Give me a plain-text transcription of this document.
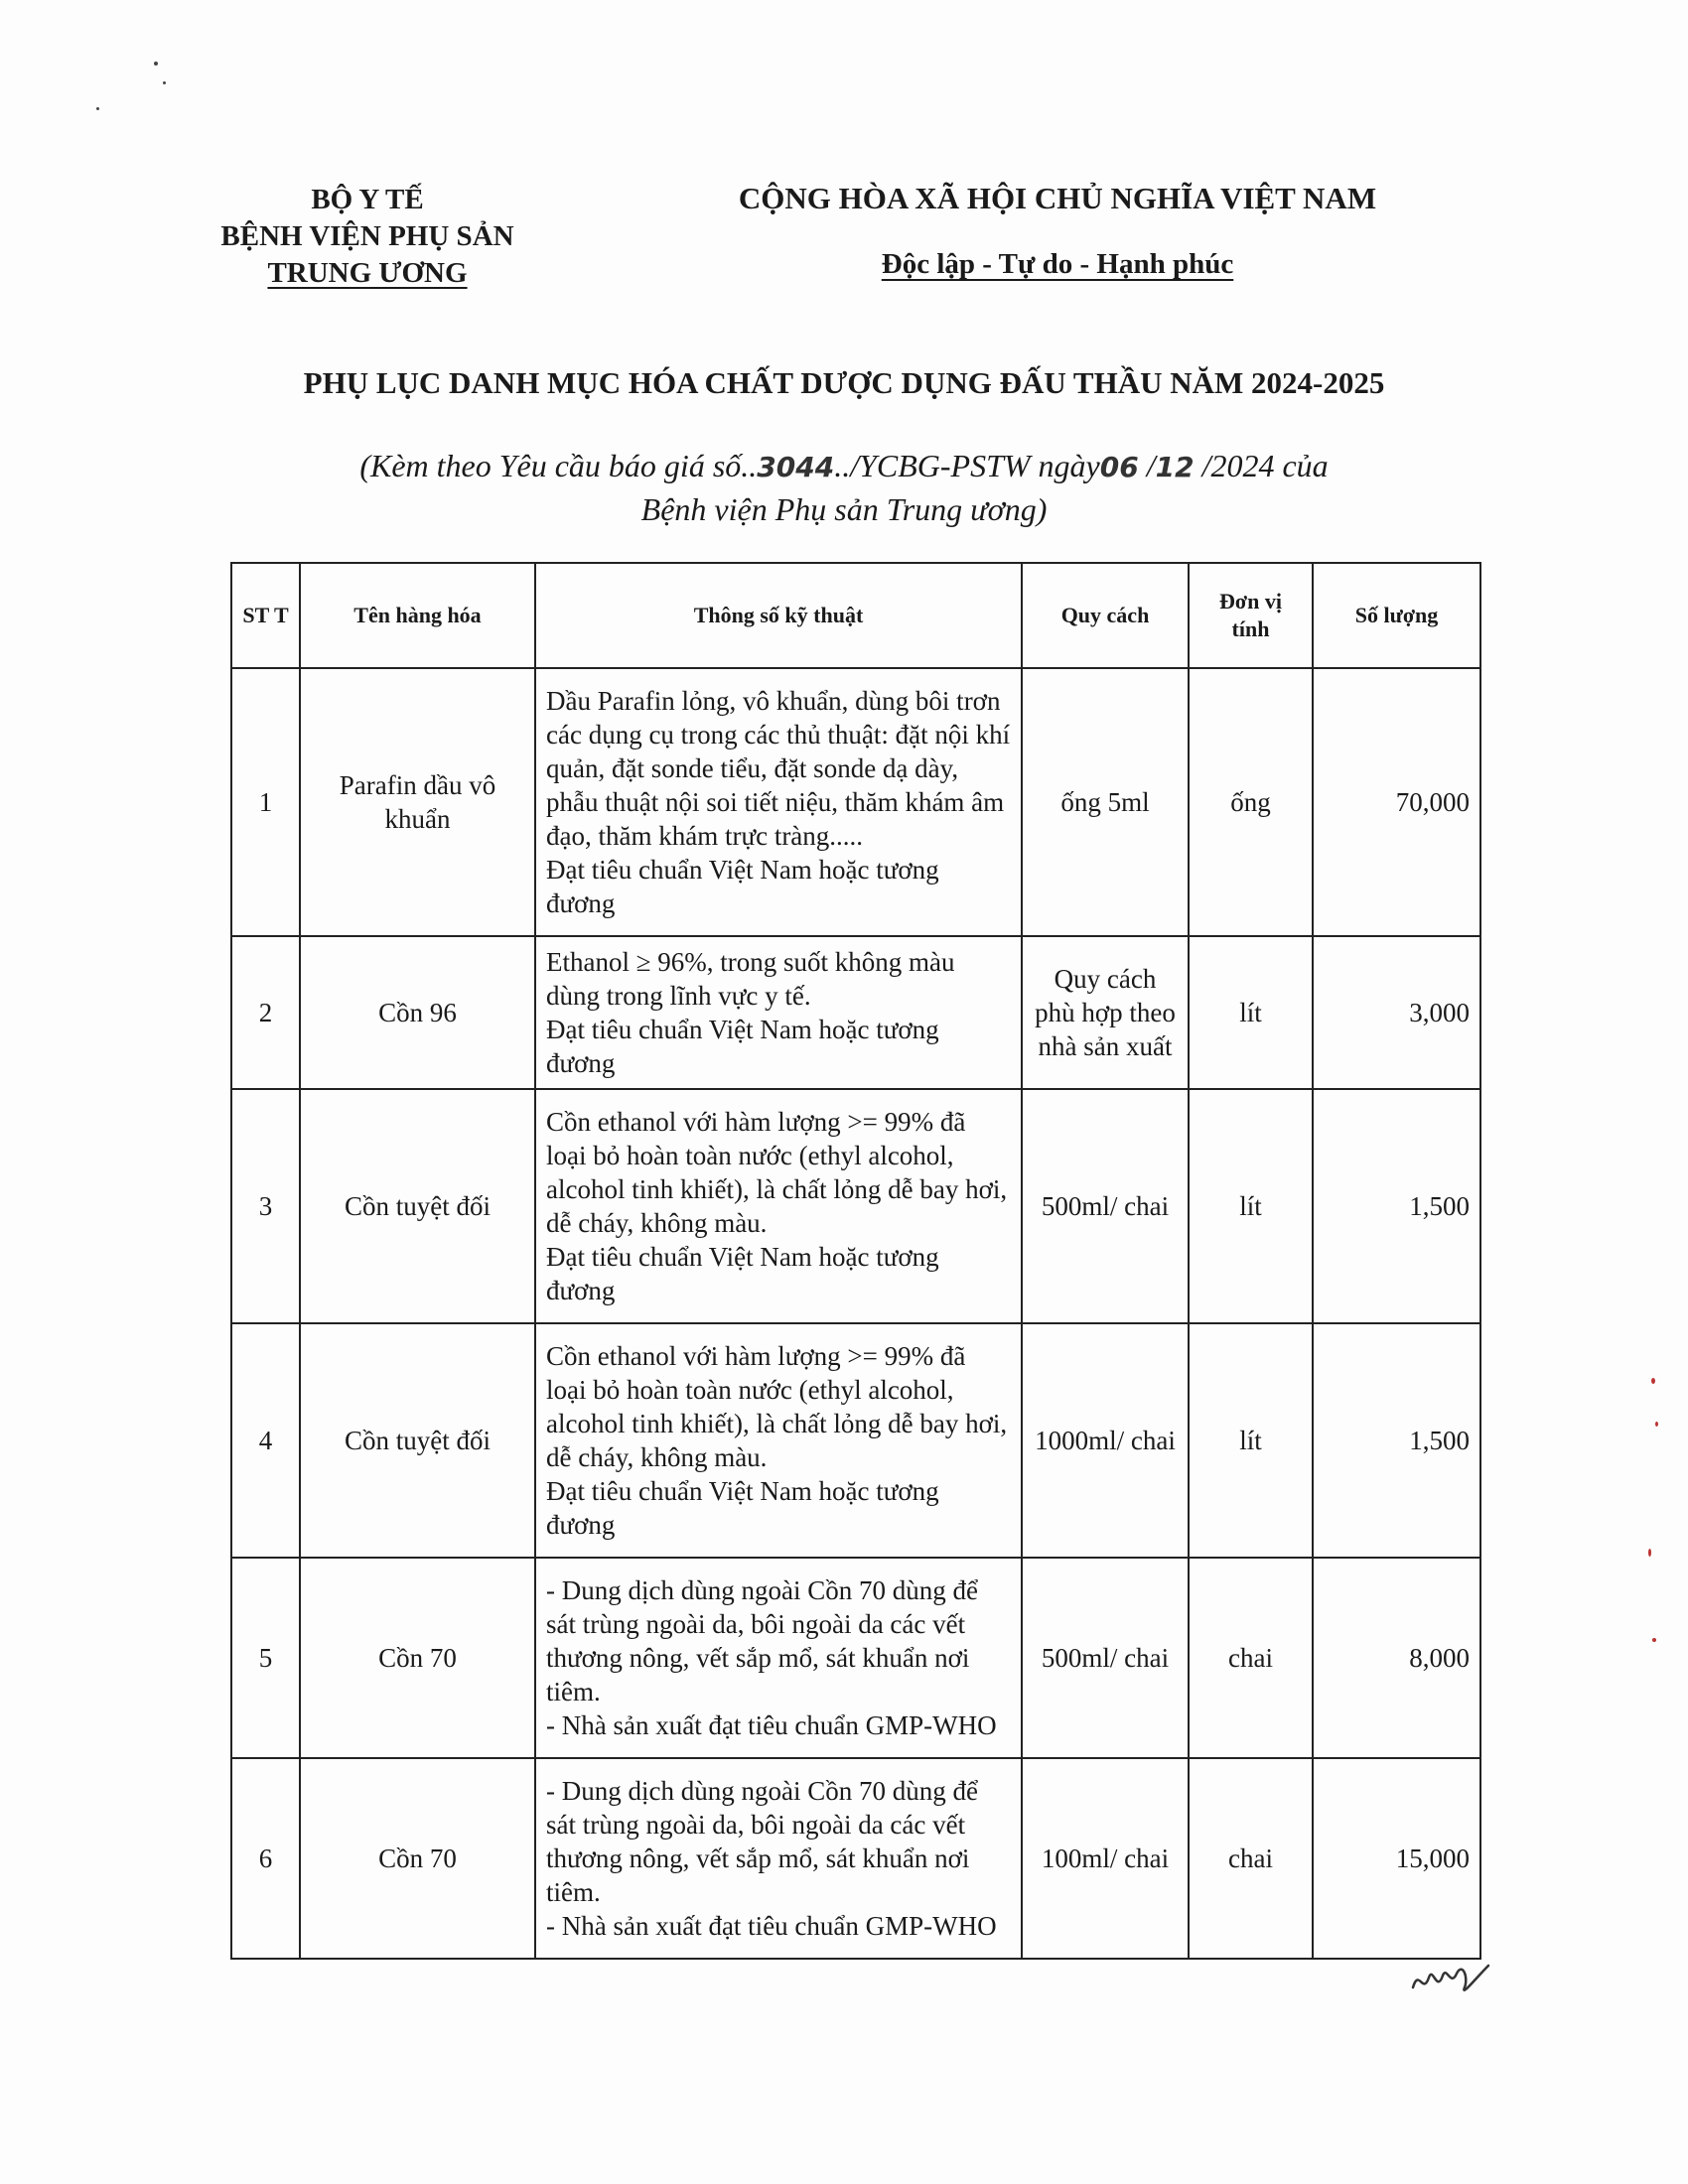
BỘ Y TẾ
BỆNH VIỆN PHỤ SẢN
TRUNG ƯƠNG
CỘNG HÒA XÃ HỘI CHỦ NGHĨA VIỆT NAM
Độc lập - Tự do - Hạnh phúc
PHỤ LỤC DANH MỤC HÓA CHẤT DƯỢC DỤNG ĐẤU THẦU NĂM 2024-2025
(Kèm theo Yêu cầu báo giá số..3044../YCBG-PSTW ngày06 /12 /2024 của
Bệnh viện Phụ sản Trung ương)
ST T	Tên hàng hóa	Thông số kỹ thuật	Quy cách	Đơn vị tính	Số lượng
1	Parafin dầu vô khuẩn	Dầu Parafin lỏng, vô khuẩn, dùng bôi trơn các dụng cụ trong các thủ thuật: đặt nội khí quản, đặt sonde tiểu, đặt sonde dạ dày, phẫu thuật nội soi tiết niệu, thăm khám âm đạo, thăm khám trực tràng.....
Đạt tiêu chuẩn Việt Nam hoặc tương đương	ống 5ml	ống	70,000
2	Cồn 96	Ethanol ≥ 96%, trong suốt không màu dùng trong lĩnh vực y tế.
Đạt tiêu chuẩn Việt Nam hoặc tương đương	Quy cách phù hợp theo nhà sản xuất	lít	3,000
3	Cồn tuyệt đối	Cồn ethanol với hàm lượng >= 99% đã loại bỏ hoàn toàn nước (ethyl alcohol, alcohol tinh khiết), là chất lỏng dễ bay hơi, dễ cháy, không màu.
Đạt tiêu chuẩn Việt Nam hoặc tương đương	500ml/ chai	lít	1,500
4	Cồn tuyệt đối	Cồn ethanol với hàm lượng >= 99% đã loại bỏ hoàn toàn nước (ethyl alcohol, alcohol tinh khiết), là chất lỏng dễ bay hơi, dễ cháy, không màu.
Đạt tiêu chuẩn Việt Nam hoặc tương đương	1000ml/ chai	lít	1,500
5	Cồn 70	- Dung dịch dùng ngoài Cồn 70 dùng để sát trùng ngoài da, bôi ngoài da các vết thương nông, vết sắp mổ, sát khuẩn nơi tiêm.
- Nhà sản xuất đạt tiêu chuẩn GMP-WHO	500ml/ chai	chai	8,000
6	Cồn 70	- Dung dịch dùng ngoài Cồn 70 dùng để sát trùng ngoài da, bôi ngoài da các vết thương nông, vết sắp mổ, sát khuẩn nơi tiêm.
- Nhà sản xuất đạt tiêu chuẩn GMP-WHO	100ml/ chai	chai	15,000
